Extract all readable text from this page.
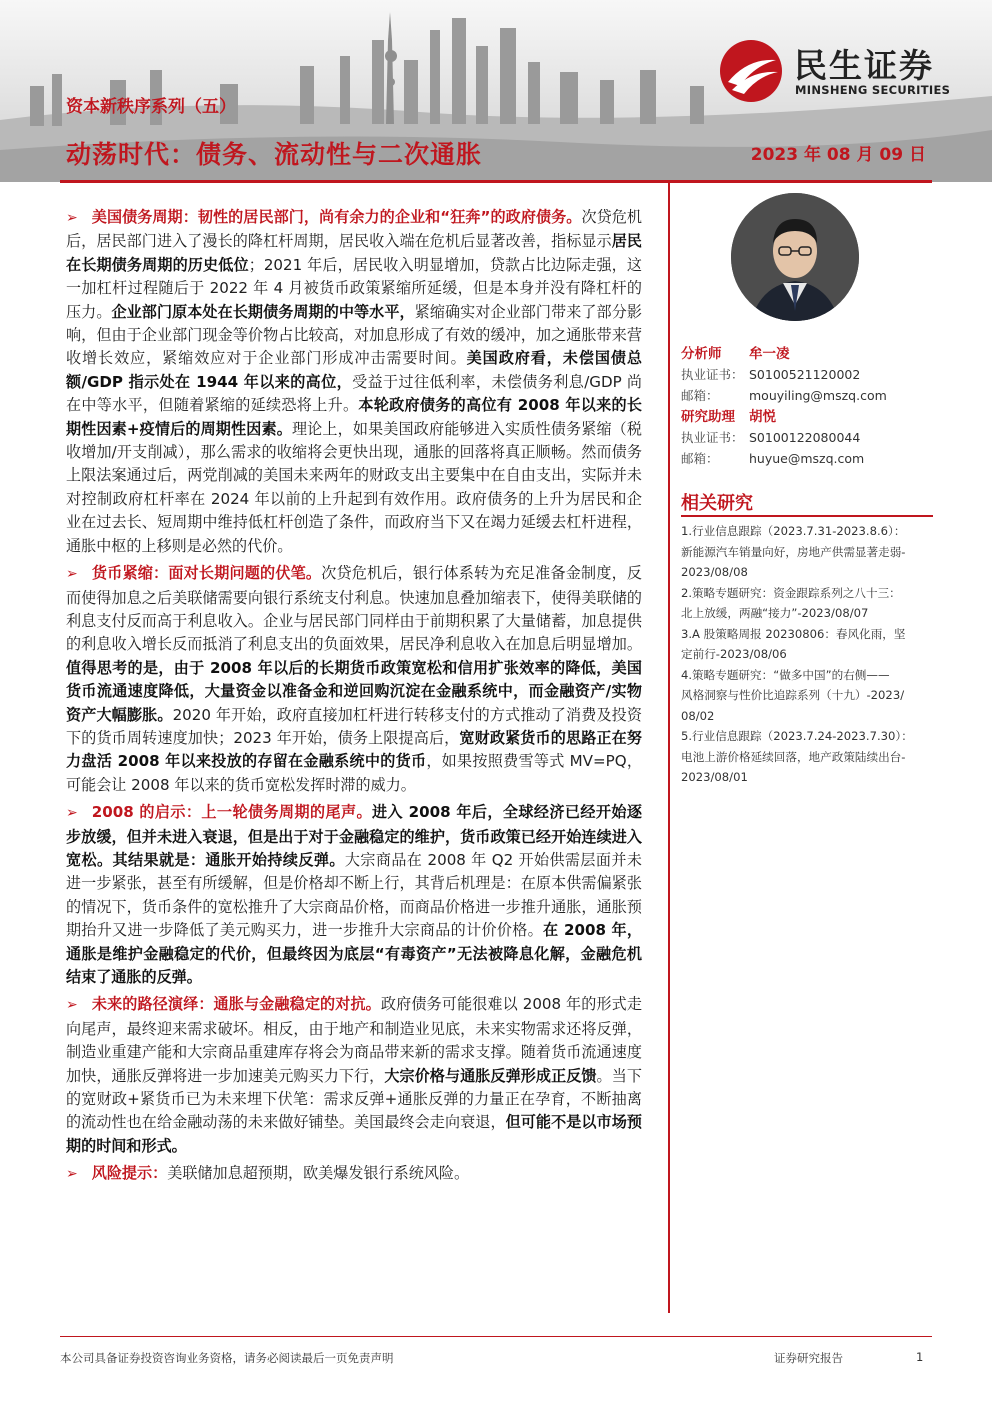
资本新秩序系列（五）
动荡时代：债务、流动性与二次通胀	2023 年 08 月 09 日
民生证券
MINSHENG SECURITIES

➢ 美国债务周期：韧性的居民部门，尚有余力的企业和“狂奔”的政府债务。次贷危机后，居民部门进入了漫长的降杠杆周期，居民收入端在危机后显著改善，指标显示居民在长期债务周期的历史低位；2021 年后，居民收入明显增加，贷款占比边际走强，这一加杠杆过程随后于 2022 年 4 月被货币政策紧缩所延缓，但是本身并没有降杠杆的压力。企业部门原本处在长期债务周期的中等水平，紧缩确实对企业部门带来了部分影响，但由于企业部门现金等价物占比较高，对加息形成了有效的缓冲，加之通胀带来营收增长效应，紧缩效应对于企业部门形成冲击需要时间。美国政府看，未偿国债总额/GDP 指示处在 1944 年以来的高位，受益于过往低利率，未偿债务利息/GDP 尚在中等水平，但随着紧缩的延续恐将上升。本轮政府债务的高位有 2008 年以来的长期性因素+疫情后的周期性因素。理论上，如果美国政府能够进入实质性债务紧缩（税收增加/开支削减），那么需求的收缩将会更快出现，通胀的回落将真正顺畅。然而债务上限法案通过后，两党削减的美国未来两年的财政支出主要集中在自由支出，实际并未对控制政府杠杆率在 2024 年以前的上升起到有效作用。政府债务的上升为居民和企业在过去长、短周期中维持低杠杆创造了条件，而政府当下又在竭力延缓去杠杆进程，通胀中枢的上移则是必然的代价。

➢ 货币紧缩：面对长期问题的伏笔。次贷危机后，银行体系转为充足准备金制度，反而使得加息之后美联储需要向银行系统支付利息。快速加息叠加缩表下，使得美联储的利息支付反而高于利息收入。企业与居民部门同样由于前期积累了大量储蓄，加息提供的利息收入增长反而抵消了利息支出的负面效果，居民净利息收入在加息后明显增加。值得思考的是，由于 2008 年以后的长期货币政策宽松和信用扩张效率的降低，美国货币流通速度降低，大量资金以准备金和逆回购沉淀在金融系统中，而金融资产/实物资产大幅膨胀。2020 年开始，政府直接加杠杆进行转移支付的方式推动了消费及投资下的货币周转速度加快；2023 年开始，债务上限提高后，宽财政紧货币的思路正在努力盘活 2008 年以来投放的存留在金融系统中的货币，如果按照费雪等式 MV=PQ，可能会让 2008 年以来的货币宽松发挥时滞的威力。

➢ 2008 的启示：上一轮债务周期的尾声。进入 2008 年后，全球经济已经开始逐步放缓，但并未进入衰退，但是出于对于金融稳定的维护，货币政策已经开始连续进入宽松。其结果就是：通胀开始持续反弹。大宗商品在 2008 年 Q2 开始供需层面并未进一步紧张，甚至有所缓解，但是价格却不断上行，其背后机理是：在原本供需偏紧张的情况下，货币条件的宽松推升了大宗商品价格，而商品价格进一步推升通胀，通胀预期抬升又进一步降低了美元购买力，进一步推升大宗商品的计价价格。在 2008 年，通胀是维护金融稳定的代价，但最终因为底层“有毒资产”无法被降息化解，金融危机结束了通胀的反弹。

➢ 未来的路径演绎：通胀与金融稳定的对抗。政府债务可能很难以 2008 年的形式走向尾声，最终迎来需求破坏。相反，由于地产和制造业见底，未来实物需求还将反弹，制造业重建产能和大宗商品重建库存将会为商品带来新的需求支撑。随着货币流通速度加快，通胀反弹将进一步加速美元购买力下行，大宗价格与通胀反弹形成正反馈。当下的宽财政+紧货币已为未来埋下伏笔：需求反弹+通胀反弹的力量正在孕育，不断抽离的流动性也在给金融动荡的未来做好铺垫。美国最终会走向衰退，但可能不是以市场预期的时间和形式。

➢ 风险提示：美联储加息超预期，欧美爆发银行系统风险。

分析师 牟一凌
执业证书： S0100521120002
邮箱： mouyiling@mszq.com
研究助理 胡悦
执业证书： S0100122080044
邮箱： huyue@mszq.com
相关研究
1.行业信息跟踪（2023.7.31-2023.8.6）：
新能源汽车销量向好，房地产供需显著走弱-
2023/08/08
2.策略专题研究：资金跟踪系列之八十三：
北上放缓，两融“接力”-2023/08/07
3.A 股策略周报 20230806：春风化雨，坚
定前行-2023/08/06
4.策略专题研究：“做多中国”的右侧——
风格洞察与性价比追踪系列（十九）-2023/
08/02
5.行业信息跟踪（2023.7.24-2023.7.30）：
电池上游价格延续回落，地产政策陆续出台-
2023/08/01
本公司具备证券投资咨询业务资格，请务必阅读最后一页免责声明	证券研究报告	1
